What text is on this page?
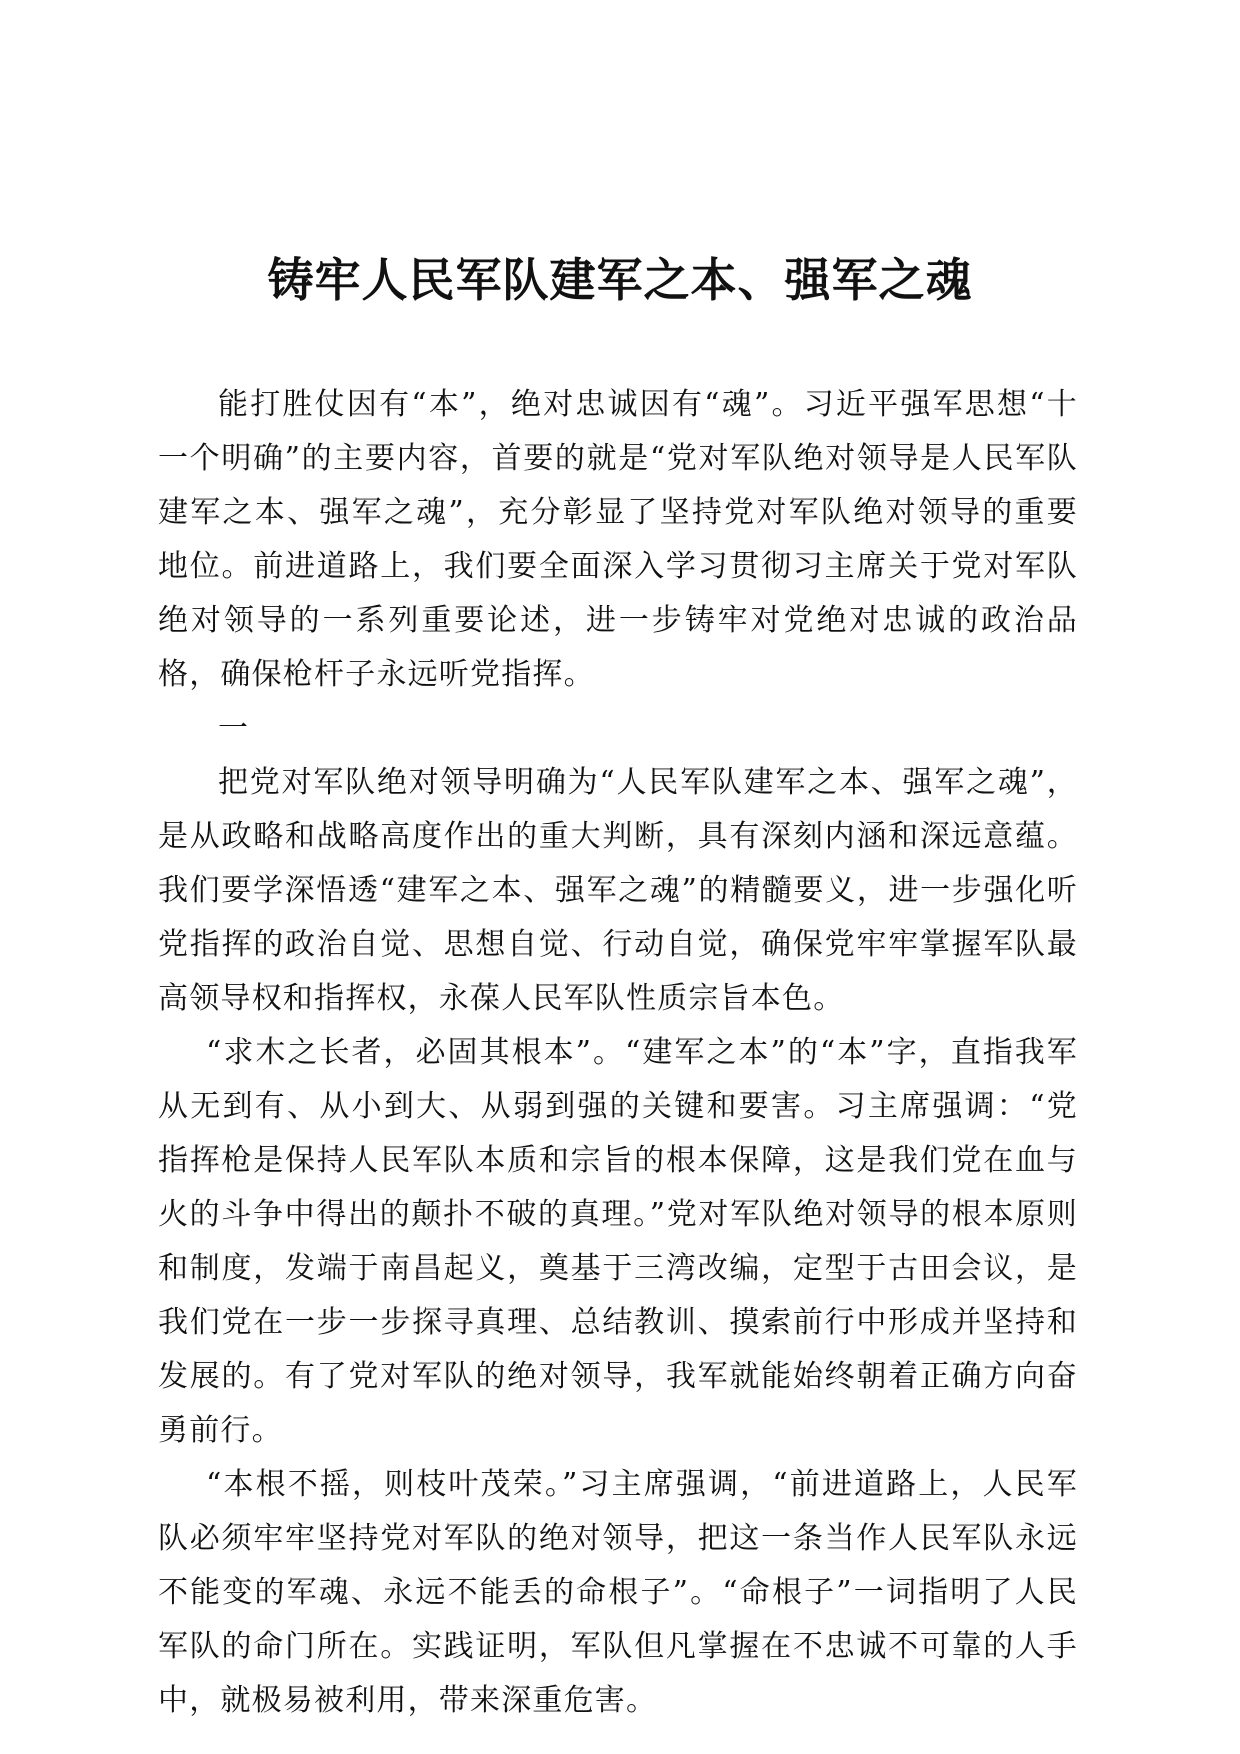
铸牢人民军队建军之本、强军之魂

能打胜仗因有“本”，绝对忠诚因有“魂”。习近平强军思想“十一个明确”的主要内容，首要的就是“党对军队绝对领导是人民军队建军之本、强军之魂”，充分彰显了坚持党对军队绝对领导的重要地位。前进道路上，我们要全面深入学习贯彻习主席关于党对军队绝对领导的一系列重要论述，进一步铸牢对党绝对忠诚的政治品格，确保枪杆子永远听党指挥。

一

把党对军队绝对领导明确为“人民军队建军之本、强军之魂”，是从政略和战略高度作出的重大判断，具有深刻内涵和深远意蕴。我们要学深悟透“建军之本、强军之魂”的精髓要义，进一步强化听党指挥的政治自觉、思想自觉、行动自觉，确保党牢牢掌握军队最高领导权和指挥权，永葆人民军队性质宗旨本色。

“求木之长者，必固其根本”。“建军之本”的“本”字，直指我军从无到有、从小到大、从弱到强的关键和要害。习主席强调：“党指挥枪是保持人民军队本质和宗旨的根本保障，这是我们党在血与火的斗争中得出的颠扑不破的真理。”党对军队绝对领导的根本原则和制度，发端于南昌起义，奠基于三湾改编，定型于古田会议，是我们党在一步一步探寻真理、总结教训、摸索前行中形成并坚持和发展的。有了党对军队的绝对领导，我军就能始终朝着正确方向奋勇前行。

“本根不摇，则枝叶茂荣。”习主席强调，“前进道路上，人民军队必须牢牢坚持党对军队的绝对领导，把这一条当作人民军队永远不能变的军魂、永远不能丢的命根子”。“命根子”一词指明了人民军队的命门所在。实践证明，军队但凡掌握在不忠诚不可靠的人手中，就极易被利用，带来深重危害。
